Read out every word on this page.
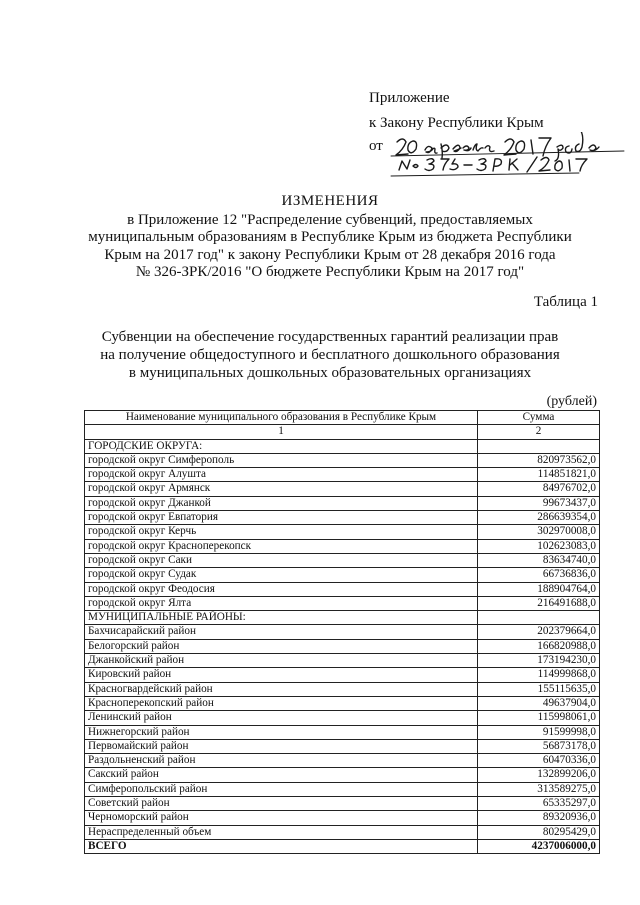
Приложение
к Закону Республики Крым
от
ИЗМЕНЕНИЯ
в Приложение 12 "Распределение субвенций, предоставляемых
муниципальным образованиям в Республике Крым из бюджета Республики
Крым на 2017 год" к закону Республики Крым от 28 декабря 2016 года
№ 326-ЗРК/2016 "О бюджете Республики Крым на 2017 год"
Таблица 1
Субвенции на обеспечение государственных гарантий реализации прав
на получение общедоступного и бесплатного дошкольного образования
в муниципальных дошкольных образовательных организациях
(рублей)
Наименование муниципального образования в Республике Крым	Сумма
1	2
ГОРОДСКИЕ ОКРУГА:	
городской округ Симферополь	820973562,0
городской округ Алушта	114851821,0
городской округ Армянск	84976702,0
городской округ Джанкой	99673437,0
городской округ Евпатория	286639354,0
городской округ Керчь	302970008,0
городской округ Красноперекопск	102623083,0
городской округ Саки	83634740,0
городской округ Судак	66736836,0
городской округ Феодосия	188904764,0
городской округ Ялта	216491688,0
МУНИЦИПАЛЬНЫЕ РАЙОНЫ:	
Бахчисарайский район	202379664,0
Белогорский район	166820988,0
Джанкойский район	173194230,0
Кировский район	114999868,0
Красногвардейский район	155115635,0
Красноперекопский район	49637904,0
Ленинский район	115998061,0
Нижнегорский район	91599998,0
Первомайский район	56873178,0
Раздольненский район	60470336,0
Сакский район	132899206,0
Симферопольский район	313589275,0
Советский район	65335297,0
Черноморский район	89320936,0
Нераспределенный объем	80295429,0
ВСЕГО	4237006000,0
